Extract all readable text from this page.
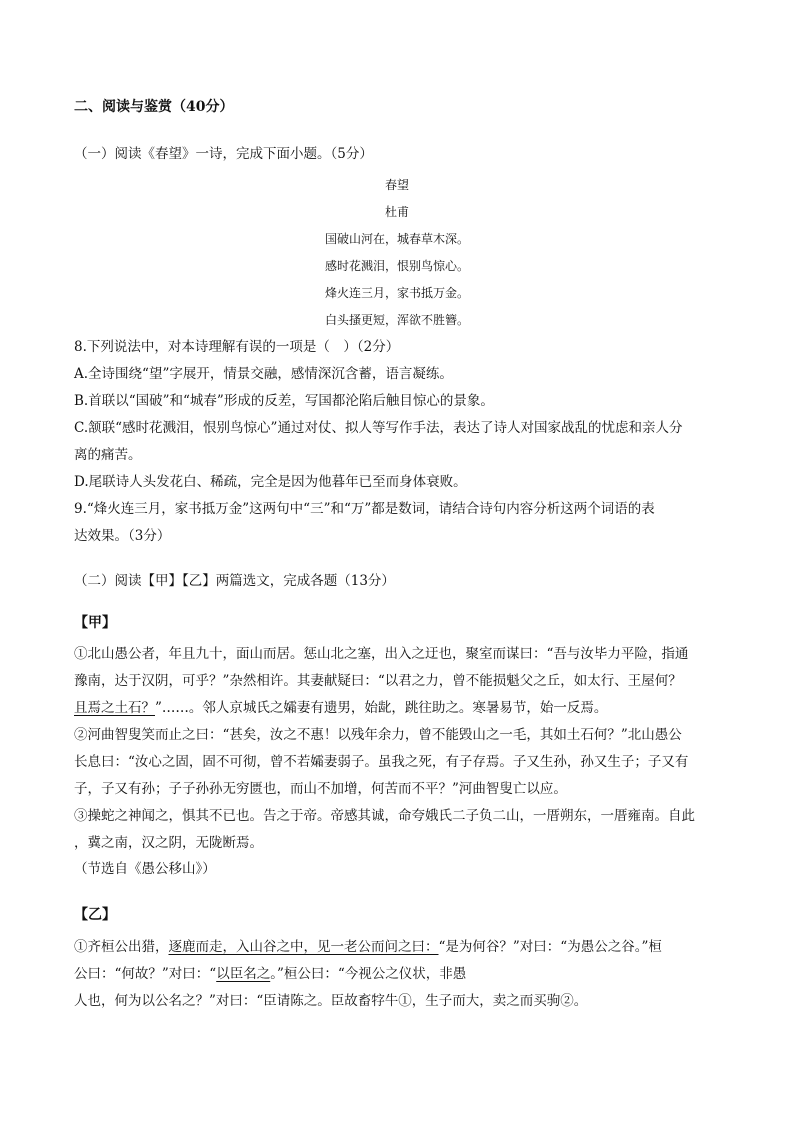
二、阅读与鉴赏（40分）
（一）阅读《春望》一诗，完成下面小题。（5分）
春望
杜甫
国破山河在，城春草木深。
感时花溅泪，恨别鸟惊心。
烽火连三月，家书抵万金。
白头搔更短，浑欲不胜簪。
8.下列说法中，对本诗理解有误的一项是（　）（2分）
A.全诗围绕“望”字展开，情景交融，感情深沉含蓄，语言凝练。
B.首联以“国破”和“城春”形成的反差，写国都沦陷后触目惊心的景象。
C.颔联“感时花溅泪，恨别鸟惊心”通过对仗、拟人等写作手法，表达了诗人对国家战乱的忧虑和亲人分
离的痛苦。
D.尾联诗人头发花白、稀疏，完全是因为他暮年已至而身体衰败。
9.“烽火连三月，家书抵万金”这两句中“三”和“万”都是数词，请结合诗句内容分析这两个词语的表
达效果。（3分）
（二）阅读【甲】【乙】两篇选文，完成各题（13分）
【甲】
①北山愚公者，年且九十，面山而居。惩山北之塞，出入之迂也，聚室而谋曰：“吾与汝毕力平险，指通
豫南，达于汉阴，可乎？”杂然相许。其妻献疑曰：“以君之力，曾不能损魁父之丘，如太行、王屋何？
且焉之土石？”……。邻人京城氏之孀妻有遗男，始龀，跳往助之。寒暑易节，始一反焉。
②河曲智叟笑而止之曰：“甚矣，汝之不惠！以残年余力，曾不能毁山之一毛，其如土石何？”北山愚公
长息曰：“汝心之固，固不可彻，曾不若孀妻弱子。虽我之死，有子存焉。子又生孙，孙又生子；子又有
子，子又有孙；子子孙孙无穷匮也，而山不加增，何苦而不平？”河曲智叟亡以应。
③操蛇之神闻之，惧其不已也。告之于帝。帝感其诚，命夸娥氏二子负二山，一厝朔东，一厝雍南。自此
，冀之南，汉之阴，无陇断焉。
（节选自《愚公移山》）
【乙】
①齐桓公出猎，逐鹿而走，入山谷之中，见一老公而问之曰：“是为何谷？”对曰：“为愚公之谷。”桓
公曰：“何故？”对曰：“以臣名之。”桓公曰：“今视公之仪状，非愚
人也，何为以公名之？”对曰：“臣请陈之。臣故畜牸牛①，生子而大，卖之而买驹②。
